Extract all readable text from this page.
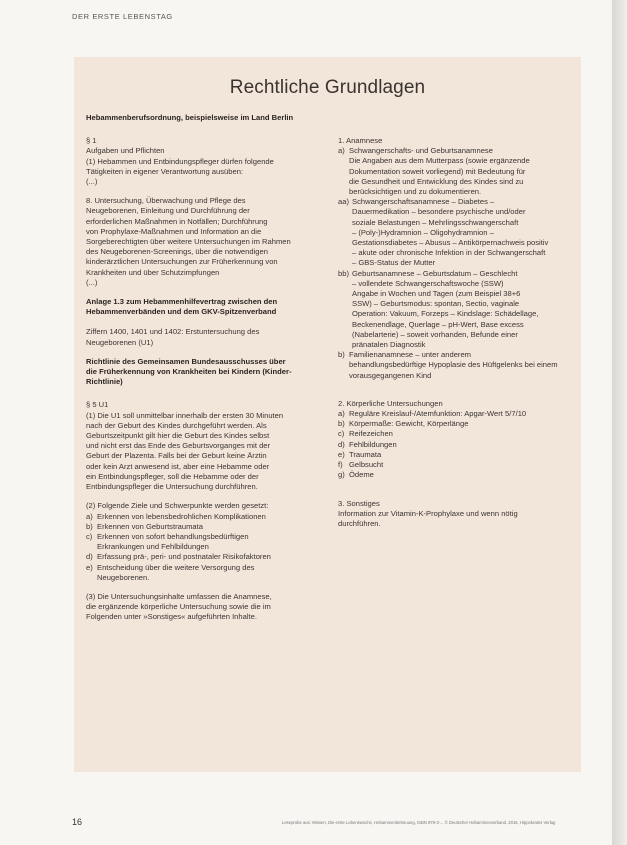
DER ERSTE LEBENSTAG
Rechtliche Grundlagen
Hebammenberufsordnung, beispielsweise im Land Berlin
§ 1
Aufgaben und Pflichten
(1) Hebammen und Entbindungspfleger dürfen folgende
Tätigkeiten in eigener Verantwortung ausüben:
(...)
8. Untersuchung, Überwachung und Pflege des
Neugeborenen, Einleitung und Durchführung der
erforderlichen Maßnahmen in Notfällen; Durchführung
von Prophylaxe-Maßnahmen und Information an die
Sorgeberechtigten über weitere Untersuchungen im Rahmen
des Neugeborenen-Screenings, über die notwendigen
kinderärztlichen Untersuchungen zur Früherkennung von
Krankheiten und über Schutzimpfungen
(...)
Anlage 1.3 zum Hebammenhilfevertrag zwischen den
Hebammenverbänden und dem GKV-Spitzenverband
Ziffern 1400, 1401 und 1402: Erstuntersuchung des
Neugeborenen (U1)
Richtlinie des Gemeinsamen Bundesausschusses über
die Früherkennung von Krankheiten bei Kindern (Kinder-
Richtlinie)
§ 5 U1
(1) Die U1 soll unmittelbar innerhalb der ersten 30 Minuten
nach der Geburt des Kindes durchgeführt werden. Als
Geburtszeitpunkt gilt hier die Geburt des Kindes selbst
und nicht erst das Ende des Geburtsvorganges mit der
Geburt der Plazenta. Falls bei der Geburt keine Ärztin
oder kein Arzt anwesend ist, aber eine Hebamme oder
ein Entbindungspfleger, soll die Hebamme oder der
Entbindungspfleger die Untersuchung durchführen.
(2) Folgende Ziele und Schwerpunkte werden gesetzt:
a) Erkennen von lebensbedrohlichen Komplikationen
b) Erkennen von Geburtstraumata
c) Erkennen von sofort behandlungsbedürftigen
Erkrankungen und Fehlbildungen
d) Erfassung prä-, peri- und postnataler Risikofaktoren
e) Entscheidung über die weitere Versorgung des
Neugeborenen.
(3) Die Untersuchungsinhalte umfassen die Anamnese,
die ergänzende körperliche Untersuchung sowie die im
Folgenden unter »Sonstiges« aufgeführten Inhalte.
1. Anamnese
a) Schwangerschafts- und Geburtsanamnese
Die Angaben aus dem Mutterpass (sowie ergänzende
Dokumentation soweit vorliegend) mit Bedeutung für
die Gesundheit und Entwicklung des Kindes sind zu
berücksichtigen und zu dokumentieren.
aa) Schwangerschaftsanamnese – Diabetes –
Dauermedikation – besondere psychische und/oder
soziale Belastungen – Mehrlingsschwangerschaft
– (Poly-)Hydramnion – Oligohydramnion –
Gestationsdiabetes – Abusus – Antikörpernachweis positiv
– akute oder chronische Infektion in der Schwangerschaft
– GBS-Status der Mutter
bb) Geburtsanamnese – Geburtsdatum – Geschlecht
– vollendete Schwangerschaftswoche (SSW)
Angabe in Wochen und Tagen (zum Beispiel 38+6
SSW) – Geburtsmodus: spontan, Sectio, vaginale
Operation: Vakuum, Forzeps – Kindslage: Schädellage,
Beckenendlage, Querlage – pH-Wert, Base excess
(Nabelarterie) – soweit vorhanden, Befunde einer
pränatalen Diagnostik
b) Familienanamnese – unter anderem
behandlungsbedürftige Hypoplasie des Hüftgelenks bei einem
vorausgegangenen Kind
2. Körperliche Untersuchungen
a) Reguläre Kreislauf-/Atemfunktion: Apgar-Wert 5/7/10
b) Körpermaße: Gewicht, Körperlänge
c) Reifezeichen
d) Fehlbildungen
e) Traumata
f) Gelbsucht
g) Ödeme
3. Sonstiges
Information zur Vitamin-K-Prophylaxe und wenn nötig
durchführen.
16	Leseprobe aus: Wissen, Die erste Lebenswoche, Hebammenbetreuung, ISBN 978-3-... © Deutscher Hebammenverband, 2016, Hippokrates Verlag
